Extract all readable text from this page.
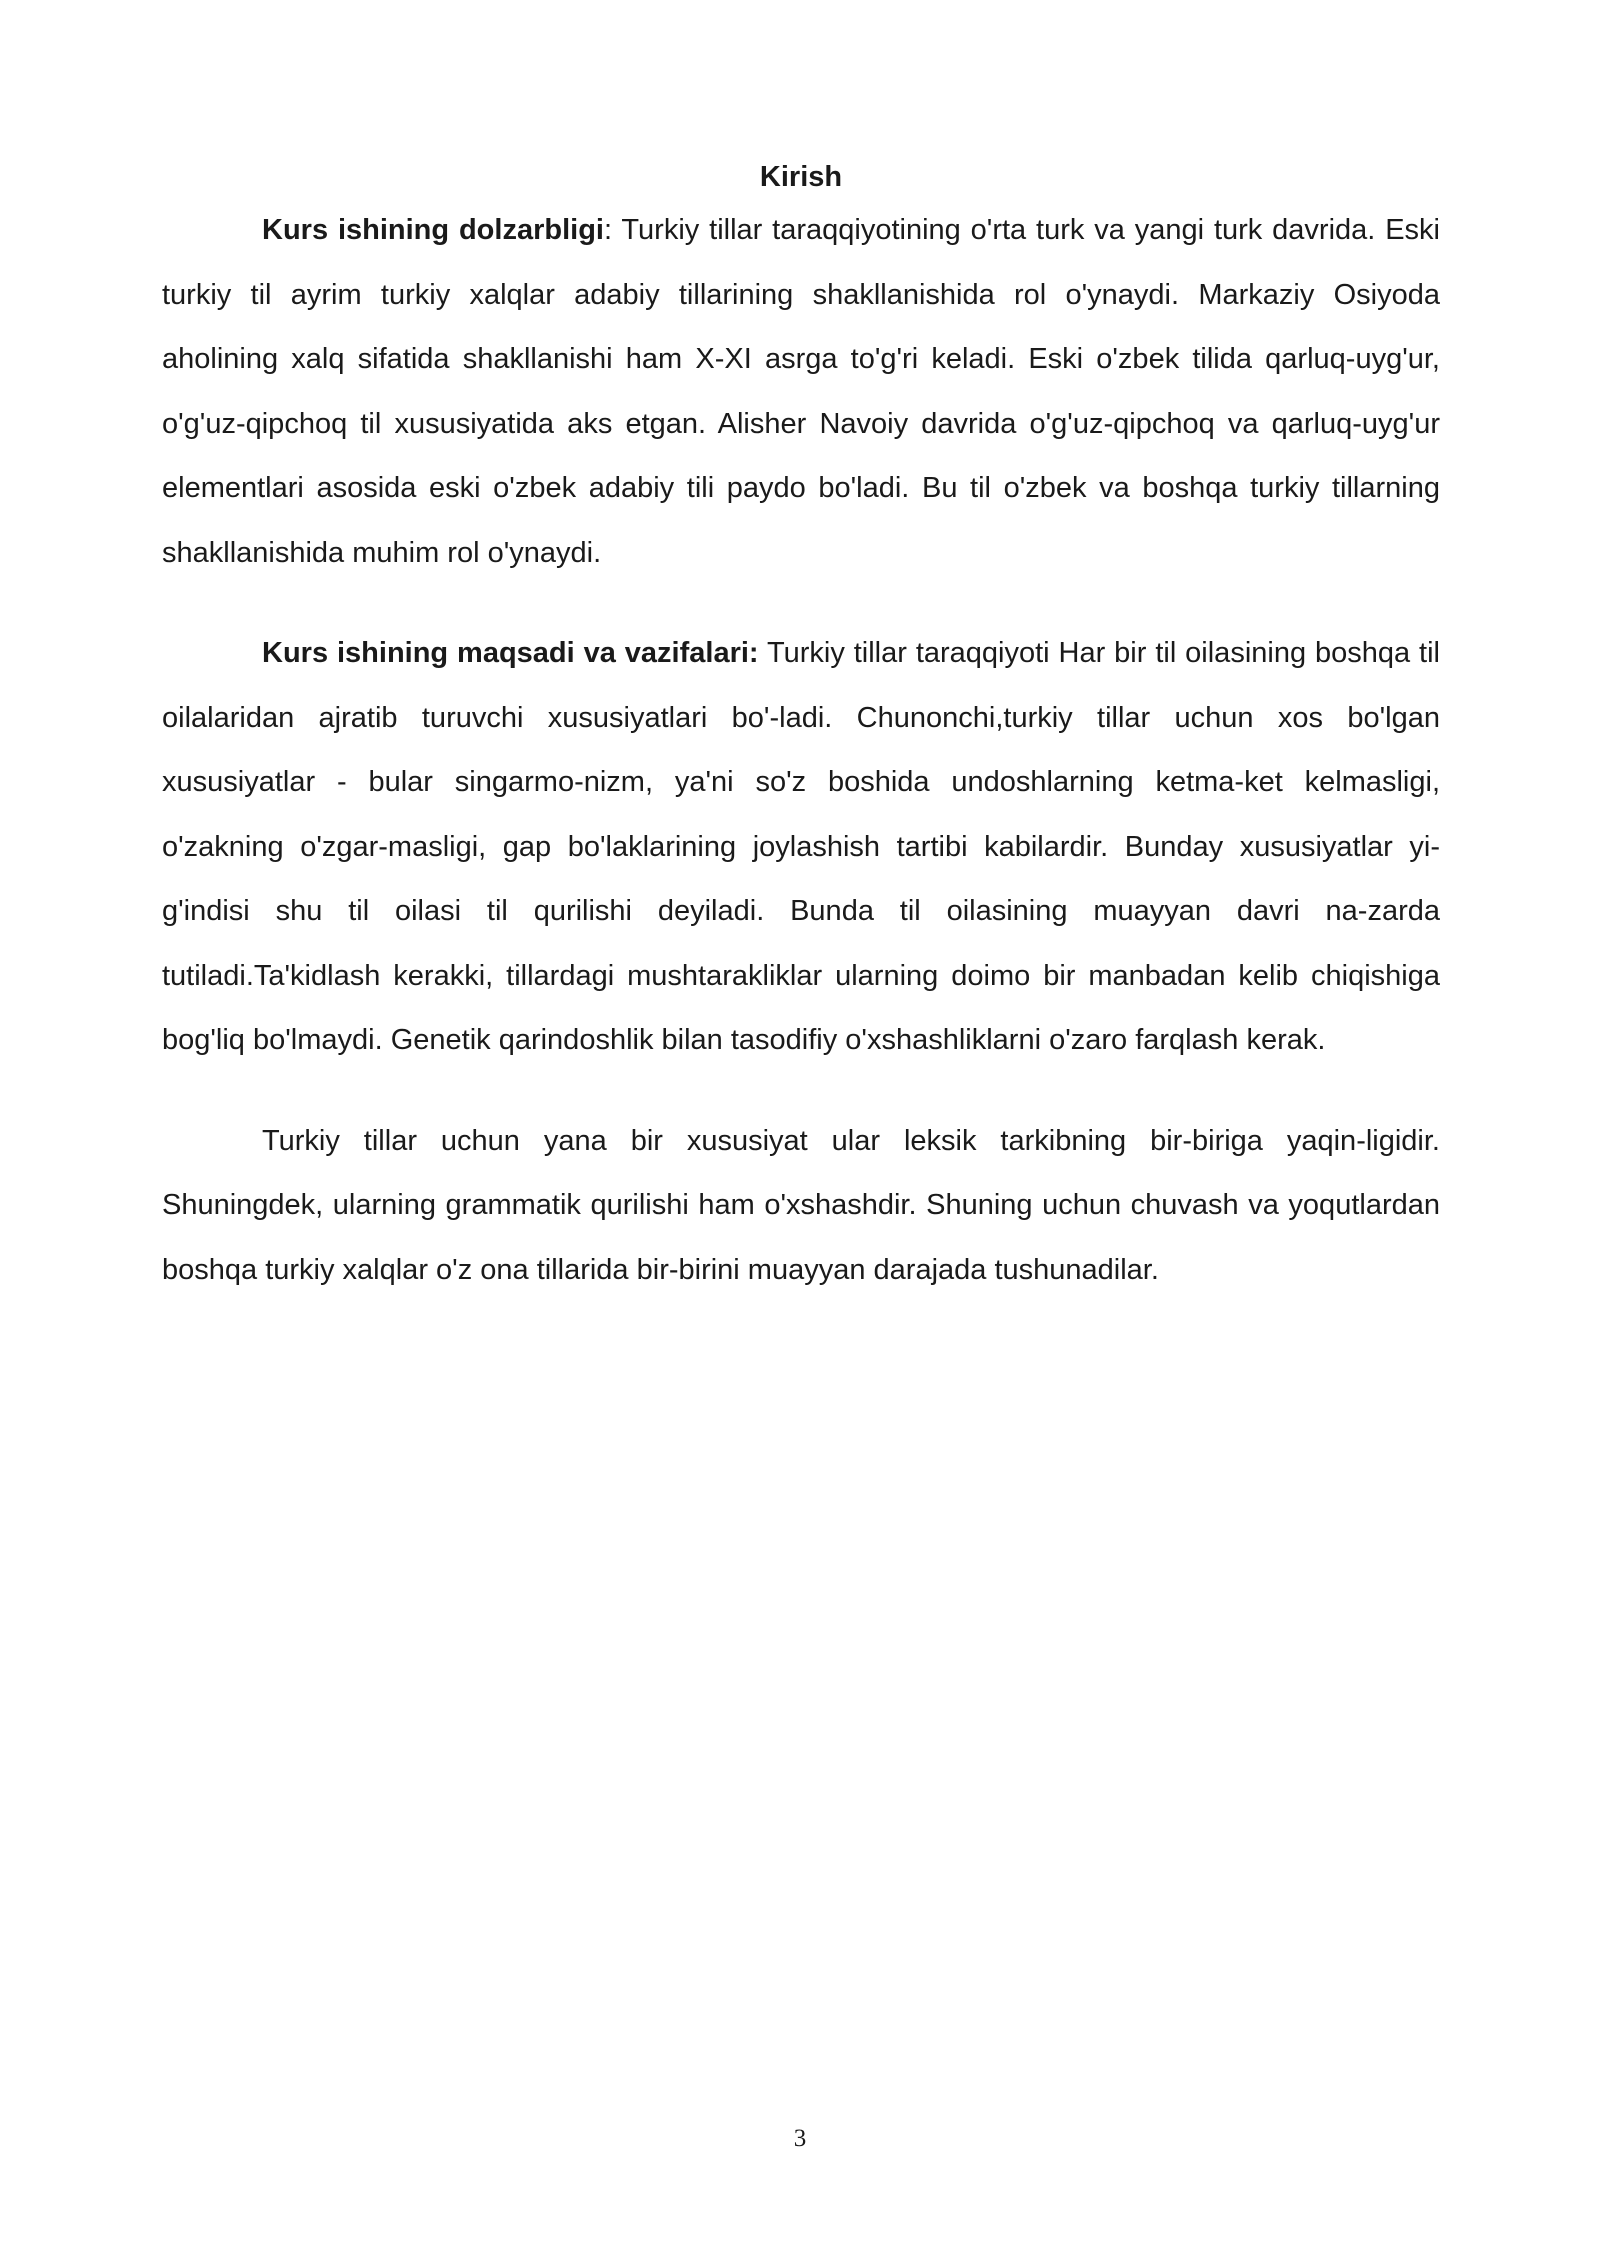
Kirish

Kurs ishining dolzarbligi: Turkiy tillar taraqqiyotining o'rta turk va yangi turk davrida. Eski turkiy til ayrim turkiy xalqlar adabiy tillarining shakllanishida rol o'ynaydi. Markaziy Osiyoda aholining xalq sifatida shakllanishi ham X-XI asrga to'g'ri keladi. Eski o'zbek tilida qarluq-uyg'ur, o'g'uz-qipchoq til xususiyatida aks etgan. Alisher Navoiy davrida o'g'uz-qipchoq va qarluq-uyg'ur elementlari asosida eski o'zbek adabiy tili paydo bo'ladi. Bu til o'zbek va boshqa turkiy tillarning shakllanishida muhim rol o'ynaydi.

Kurs ishining maqsadi va vazifalari: Turkiy tillar taraqqiyoti Har bir til oilasining boshqa til oilalaridan ajratib turuvchi xususiyatlari bo'-ladi. Chunonchi,turkiy tillar uchun xos bo'lgan xususiyatlar - bular singarmo-nizm, ya'ni so'z boshida undoshlarning ketma-ket kelmasligi, o'zakning o'zgar-masligi, gap bo'laklarining joylashish tartibi kabilardir. Bunday xususiyatlar yi-g'indisi shu til oilasi til qurilishi deyiladi. Bunda til oilasining muayyan davri na-zarda tutiladi.Ta'kidlash kerakki, tillardagi mushtarakliklar ularning doimo bir manbadan kelib chiqishiga bog'liq bo'lmaydi. Genetik qarindoshlik bilan tasodifiy o'xshashliklarni o'zaro farqlash kerak.

Turkiy tillar uchun yana bir xususiyat ular leksik tarkibning bir-biriga yaqin-ligidir. Shuningdek, ularning grammatik qurilishi ham o'xshashdir. Shuning uchun chuvash va yoqutlardan boshqa turkiy xalqlar o'z ona tillarida bir-birini muayyan darajada tushunadilar.

3
